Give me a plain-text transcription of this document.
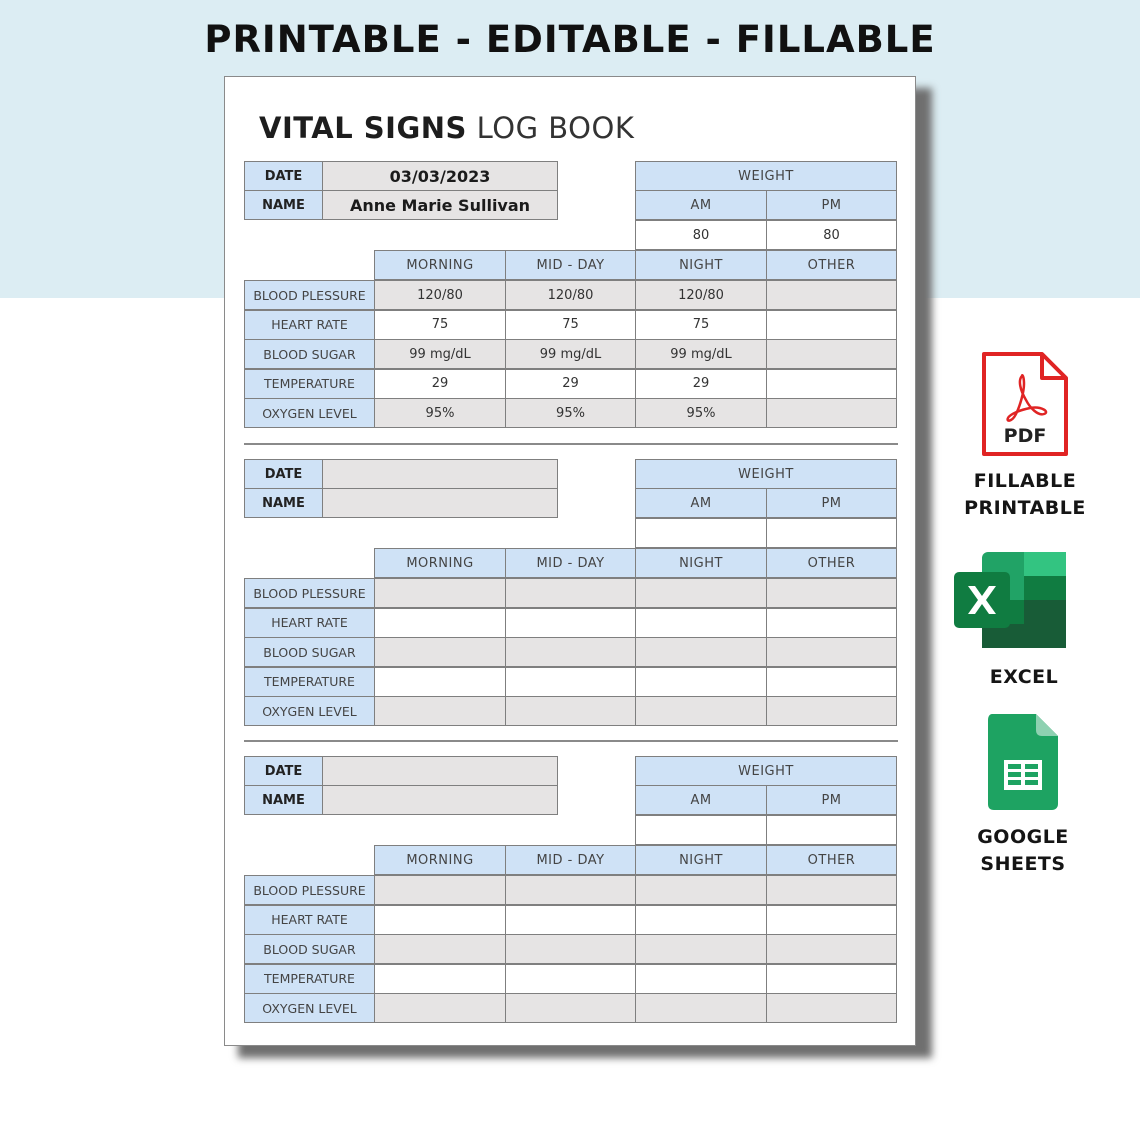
PRINTABLE - EDITABLE - FILLABLE
VITAL SIGNS LOG BOOK
DATE	03/03/2023
NAME	Anne Marie Sullivan
WEIGHT
AM	PM
80	80
MORNING	MID - DAY	NIGHT	OTHER
BLOOD PLESSURE	120/80	120/80	120/80
HEART RATE	75	75	75
BLOOD SUGAR	99 mg/dL	99 mg/dL	99 mg/dL
TEMPERATURE	29	29	29
OXYGEN LEVEL	95%	95%	95%
DATE
NAME
WEIGHT
AM	PM
MORNING	MID - DAY	NIGHT	OTHER
BLOOD PLESSURE
HEART RATE
BLOOD SUGAR
TEMPERATURE
OXYGEN LEVEL
DATE
NAME
WEIGHT
AM	PM
MORNING	MID - DAY	NIGHT	OTHER
BLOOD PLESSURE
HEART RATE
BLOOD SUGAR
TEMPERATURE
OXYGEN LEVEL
PDF
FILLABLE
PRINTABLE
EXCEL
GOOGLE
SHEETS
